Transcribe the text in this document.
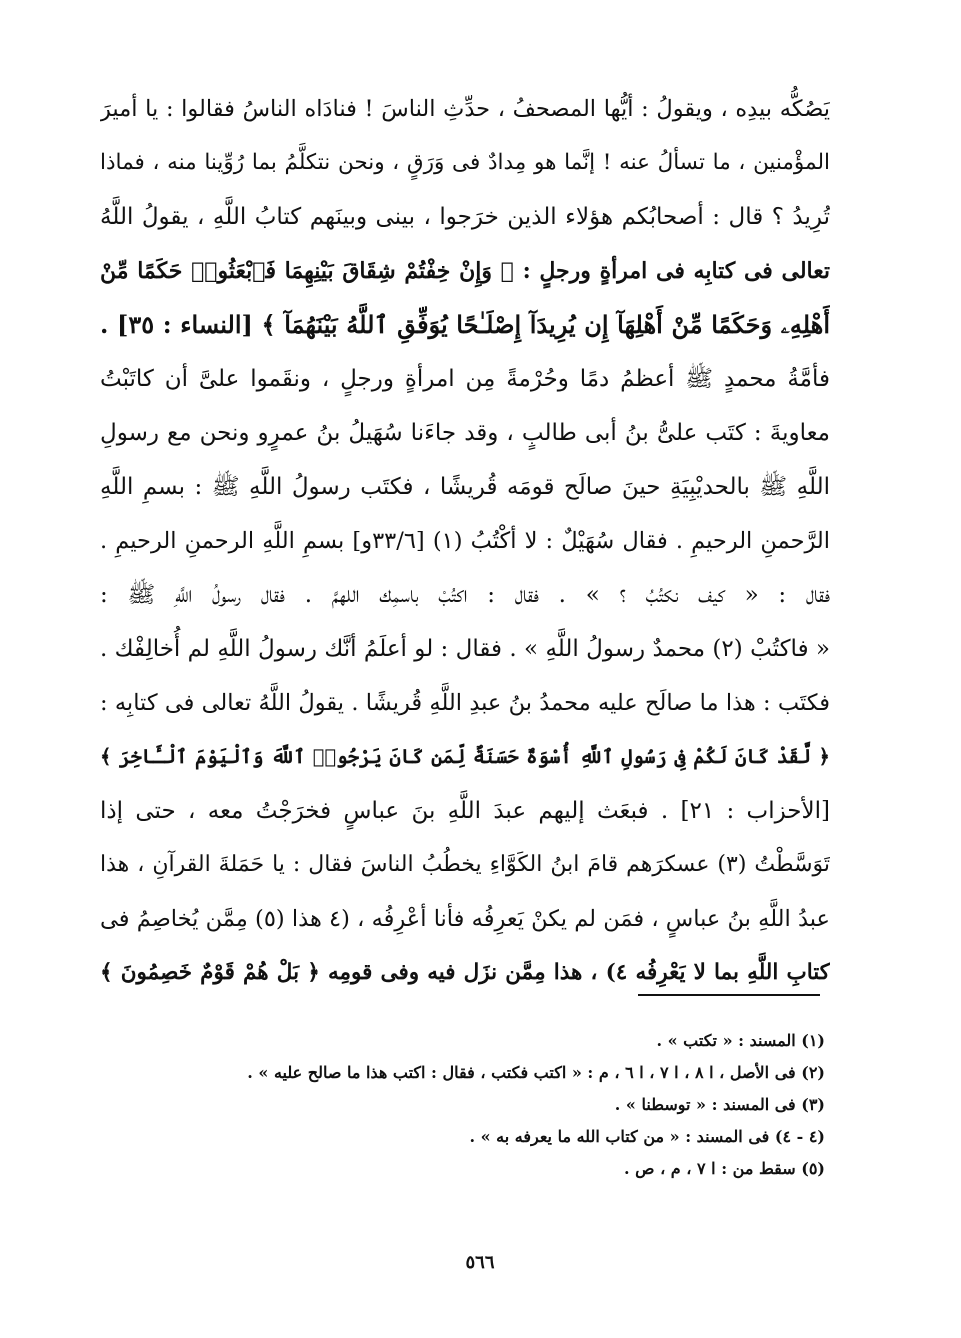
يَصُكُّه بيدِه ، ويقولُ : أيُّها المصحفُ ، حدِّثِ الناسَ ! فنادَاه الناسُ فقالوا : يا أميرَ
المؤْمنين ، ما تسألُ عنه ! إنَّما هو مِدادٌ فى وَرَقٍ ، ونحن نتكلَّمُ بما رُوِّينا منه ، فماذا
تُرِيدُ ؟ قال : أصحابُكم هؤلاء الذين خرَجوا ، بينى وبينَهم كتابُ اللَّهِ ، يقولُ اللَّهُ
تعالى فى كتابِه فى امرأةٍ ورجلٍ : ﴿ وَإِنْ خِفْتُمْ شِقَاقَ بَيْنِهِمَا فَٱبْعَثُوا۟ حَكَمًا مِّنْ
أَهْلِهِۦ وَحَكَمًا مِّنْ أَهْلِهَآ إِن يُرِيدَآ إِصْلَـٰحًا يُوَفِّقِ ٱللَّهُ بَيْنَهُمَآ ﴾ [النساء : ٣٥] .
فأمَّةُ محمدٍ ﷺ أعظمُ دمًا وحُرْمةً مِن امرأةٍ ورجلٍ ، ونقَموا علىَّ أن كاتَبْتُ
معاويةَ : كتَب علىُّ بنُ أبى طالبٍ ، وقد جاءَنا سُهَيلُ بنُ عمرٍو ونحن مع رسولِ
اللَّهِ ﷺ بالحديْبِيَةِ حينَ صالَح قومَه قُريشًا ، فكتَب رسولُ اللَّهِ ﷺ : بسمِ اللَّهِ
الرَّحمنِ الرحيمِ . فقال سُهَيْلٌ : لا أكْتُبُ (١) [٣٣/٦و] بسمِ اللَّهِ الرحمنِ الرحيمِ .
فقال : « كيف نكتُبُ ؟ » . فقال : اكتُبْ باسمِك اللهمَّ . فقال رسولُ اللَّهِ ﷺ :
« فاكتُبْ (٢) محمدٌ رسولُ اللَّهِ » . فقال : لو أعلَمُ أنَّك رسولُ اللَّهِ لم أُخالِفْك .
فكتَب : هذا ما صالَح عليه محمدُ بنُ عبدِ اللَّهِ قُريشًا . يقولُ اللَّهُ تعالى فى كتابِه :
﴿ لَّقَدْ كَانَ لَكُمْ فِى رَسُولِ ٱللَّهِ أُسْوَةٌ حَسَنَةٌ لِّمَن كَانَ يَرْجُوا۟ ٱللَّهَ وَٱلْيَوْمَ ٱلْـَٔاخِرَ ﴾
[الأحزاب : ٢١] . فبعَث إليهم عبدَ اللَّهِ بنَ عباسٍ فخرَجْتُ معه ، حتى إذا
تَوَسَّطْتُ (٣) عسكرَهم قامَ ابنُ الكَوَّاءِ يخطُبُ الناسَ فقال : يا حَمَلةَ القرآنِ ، هذا
عبدُ اللَّهِ بنُ عباسٍ ، فمَن لم يكنْ يَعرِفُه فأنا أعْرِفُه ، (٤ هذا (٥) مِمَّن يُخاصِمُ فى
كتابِ اللَّهِ بما لا يَعْرِفُه ٤) ، هذا مِمَّن نزَل فيه وفى قومِه ﴿ بَلْ هُمْ قَوْمٌ خَصِمُونَ ﴾
(١) المسند : « تكتب » .
(٢) فى الأصل ، ا ٨ ، ا ٧ ، ا ٦ ، م : « اكتب فكتب ، فقال : اكتب هذا ما صالح عليه » .
(٣) فى المسند : « توسطنا » .
(٤ - ٤) فى المسند : « من كتاب الله ما يعرفه به » .
(٥) سقط من : ا ٧ ، م ، ص .
٥٦٦
